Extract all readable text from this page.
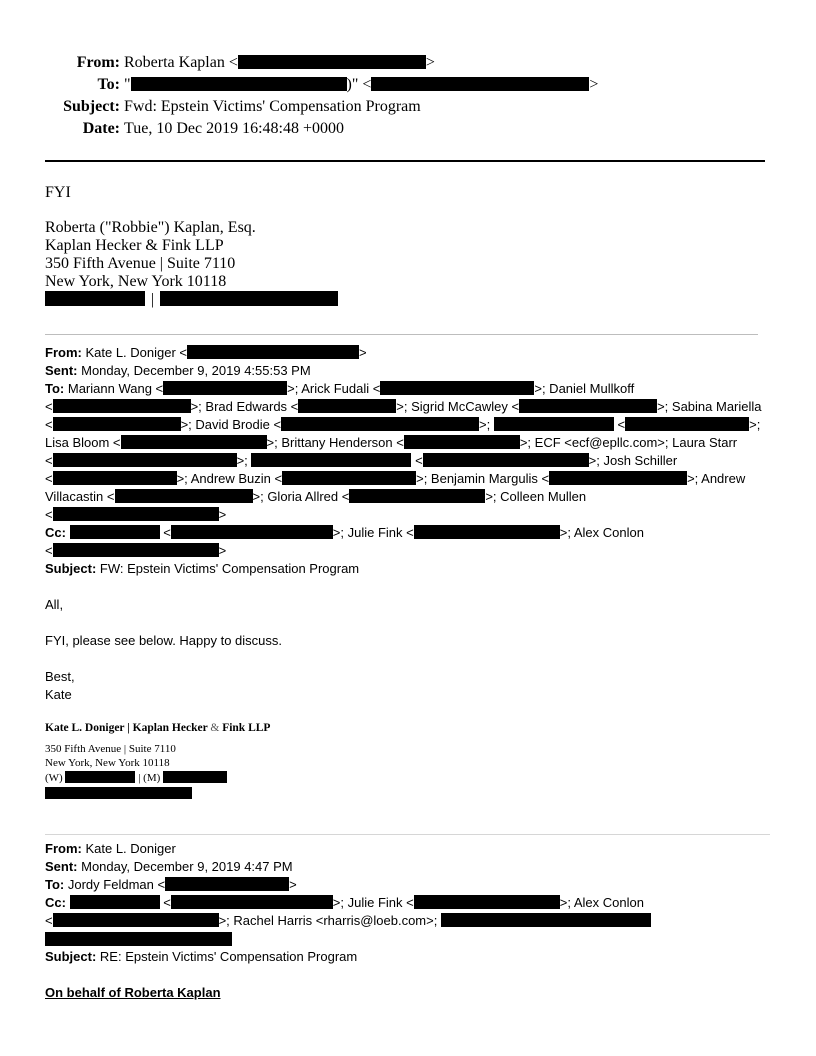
From: Roberta Kaplan <	>
To: "	)" <	>
Subject: Fwd: Epstein Victims' Compensation Program
Date: Tue, 10 Dec 2019 16:48:48 +0000
FYI
Roberta ("Robbie") Kaplan, Esq.
Kaplan Hecker & Fink LLP
350 Fifth Avenue | Suite 7110
New York, New York 10118
|
From: Kate L. Doniger <	>
Sent: Monday, December 9, 2019 4:55:53 PM
To: Mariann Wang <	>; Arick Fudali <	>; Daniel Mullkoff
<	>; Brad Edwards <	>; Sigrid McCawley <	>; Sabina Mariella
<	>; David Brodie <	>;	<	>;
Lisa Bloom <	>; Brittany Henderson <	>; ECF <ecf@epllc.com>; Laura Starr
<	>;	<	>; Josh Schiller
<	>; Andrew Buzin <	>; Benjamin Margulis <	>; Andrew
Villacastin <	>; Gloria Allred <	>; Colleen Mullen
<	>
Cc:	<	>; Julie Fink <	>; Alex Conlon
<	>
Subject: FW: Epstein Victims' Compensation Program
All,
FYI, please see below. Happy to discuss.
Best,
Kate
Kate L. Doniger | Kaplan Hecker & Fink LLP
350 Fifth Avenue | Suite 7110
New York, New York 10118
(W)	| (M)
From: Kate L. Doniger
Sent: Monday, December 9, 2019 4:47 PM
To: Jordy Feldman <	>
Cc:	<	>; Julie Fink <	>; Alex Conlon
<	>; Rachel Harris <rharris@loeb.com>;
Subject: RE: Epstein Victims' Compensation Program
On behalf of Roberta Kaplan
